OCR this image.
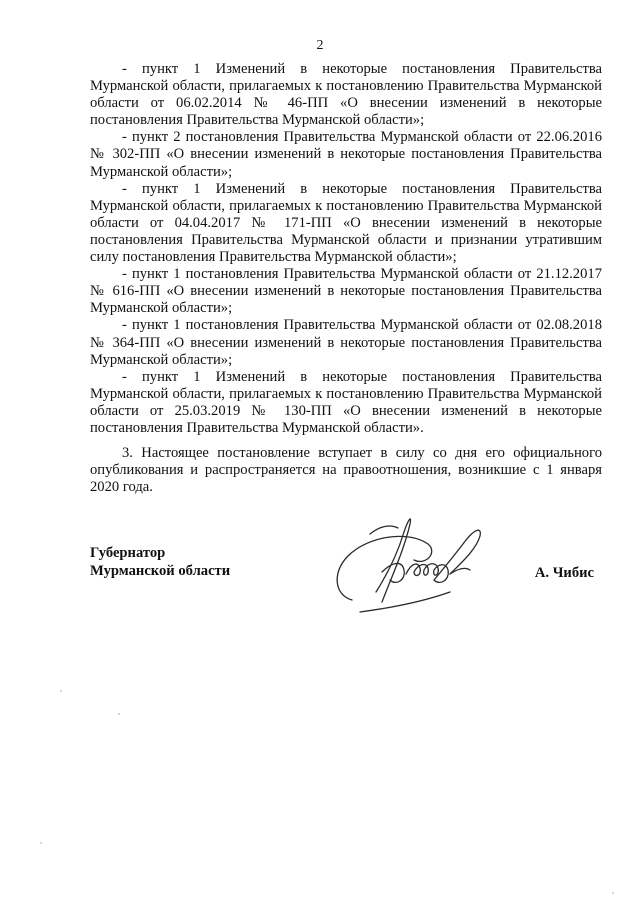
2

- пункт 1 Изменений в некоторые постановления Правительства Мурманской области, прилагаемых к постановлению Правительства Мурманской области от 06.02.2014 № 46-ПП «О внесении изменений в некоторые постановления Правительства Мурманской области»;

- пункт 2 постановления Правительства Мурманской области от 22.06.2016 № 302-ПП «О внесении изменений в некоторые постановления Правительства Мурманской области»;

- пункт 1 Изменений в некоторые постановления Правительства Мурманской области, прилагаемых к постановлению Правительства Мурманской области от 04.04.2017 № 171-ПП «О внесении изменений в некоторые постановления Правительства Мурманской области и признании утратившим силу постановления Правительства Мурманской области»;

- пункт 1 постановления Правительства Мурманской области от 21.12.2017 № 616-ПП «О внесении изменений в некоторые постановления Правительства Мурманской области»;

- пункт 1 постановления Правительства Мурманской области от 02.08.2018 № 364-ПП «О внесении изменений в некоторые постановления Правительства Мурманской области»;

- пункт 1 Изменений в некоторые постановления Правительства Мурманской области, прилагаемых к постановлению Правительства Мурманской области от 25.03.2019 № 130-ПП «О внесении изменений в некоторые постановления Правительства Мурманской области».

3. Настоящее постановление вступает в силу со дня его официального опубликования и распространяется на правоотношения, возникшие с 1 января 2020 года.

Губернатор
Мурманской области	А. Чибис
